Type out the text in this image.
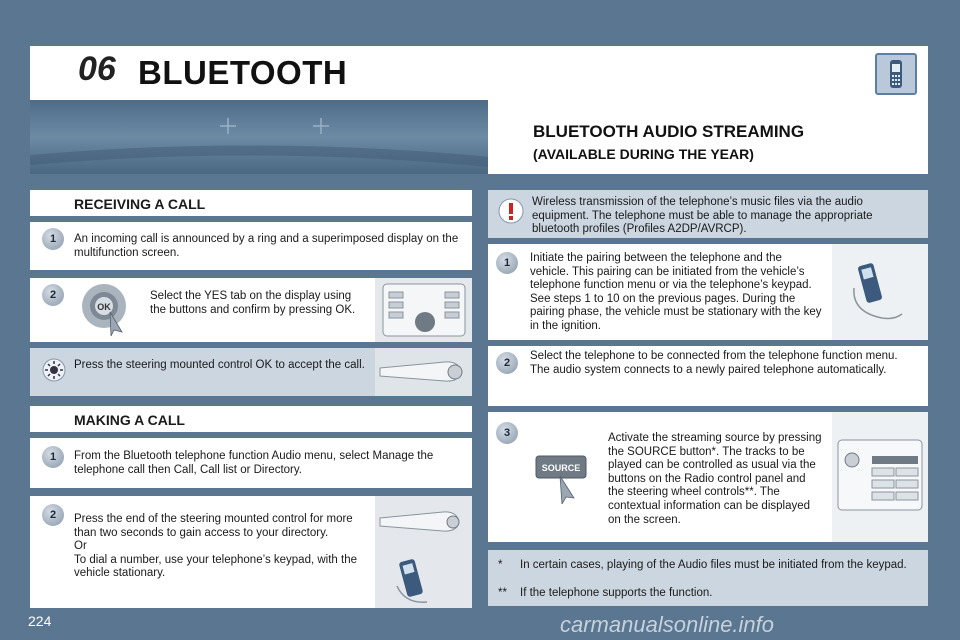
06 BLUETOOTH
BLUETOOTH AUDIO STREAMING
(AVAILABLE DURING THE YEAR)
RECEIVING A CALL
1	An incoming call is announced by a ring and a superimposed display on the multifunction screen.
2
OK
Select the YES tab on the display using the buttons and confirm by pressing OK.
Press the steering mounted control OK to accept the call.
MAKING A CALL
1	From the Bluetooth telephone function Audio menu, select Manage the telephone call then Call, Call list or Directory.
2	Press the end of the steering mounted control for more than two seconds to gain access to your directory.
Or
To dial a number, use your telephone’s keypad, with the vehicle stationary.
Wireless transmission of the telephone’s music files via the audio equipment. The telephone must be able to manage the appropriate bluetooth profiles (Profiles A2DP/AVRCP).
1	Initiate the pairing between the telephone and the vehicle. This pairing can be initiated from the vehicle’s telephone function menu or via the telephone’s keypad. See steps 1 to 10 on the previous pages. During the pairing phase, the vehicle must be stationary with the key in the ignition.
2
Select the telephone to be connected from the telephone function menu.
The audio system connects to a newly paired telephone automatically.
3
SOURCE
Activate the streaming source by pressing the SOURCE button*. The tracks to be played can be controlled as usual via the buttons on the Radio control panel and the steering wheel controls**. The contextual information can be displayed on the screen.
*	In certain cases, playing of the Audio files must be initiated from the keypad.
**	If the telephone supports the function.
224	carmanualsonline.info
